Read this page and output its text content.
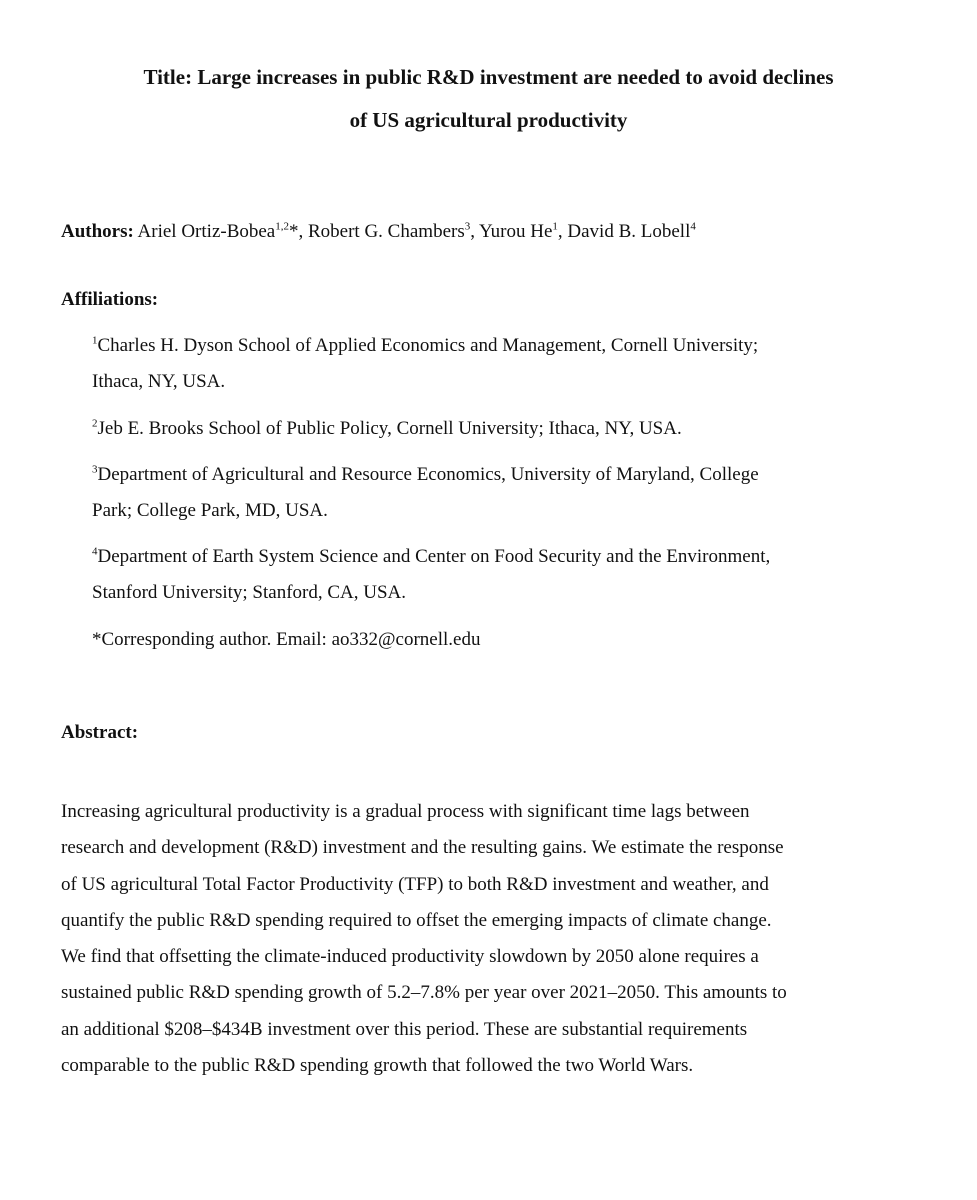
Title: Large increases in public R&D investment are needed to avoid declines
of US agricultural productivity

Authors: Ariel Ortiz-Bobea$^{1,2}$*, Robert G. Chambers$^3$, Yurou He$^1$, David B. Lobell$^4$

Affiliations:

$^1$Charles H. Dyson School of Applied Economics and Management, Cornell University;
Ithaca, NY, USA.

$^2$Jeb E. Brooks School of Public Policy, Cornell University; Ithaca, NY, USA.

$^3$Department of Agricultural and Resource Economics, University of Maryland, College
Park; College Park, MD, USA.

$^4$Department of Earth System Science and Center on Food Security and the Environment,
Stanford University; Stanford, CA, USA.

*Corresponding author. Email: ao332@cornell.edu

Abstract:

Increasing agricultural productivity is a gradual process with significant time lags between
research and development (R&D) investment and the resulting gains. We estimate the response
of US agricultural Total Factor Productivity (TFP) to both R&D investment and weather, and
quantify the public R&D spending required to offset the emerging impacts of climate change.
We find that offsetting the climate-induced productivity slowdown by 2050 alone requires a
sustained public R&D spending growth of 5.2–7.8% per year over 2021–2050. This amounts to
an additional $208–$434B investment over this period. These are substantial requirements
comparable to the public R&D spending growth that followed the two World Wars.
